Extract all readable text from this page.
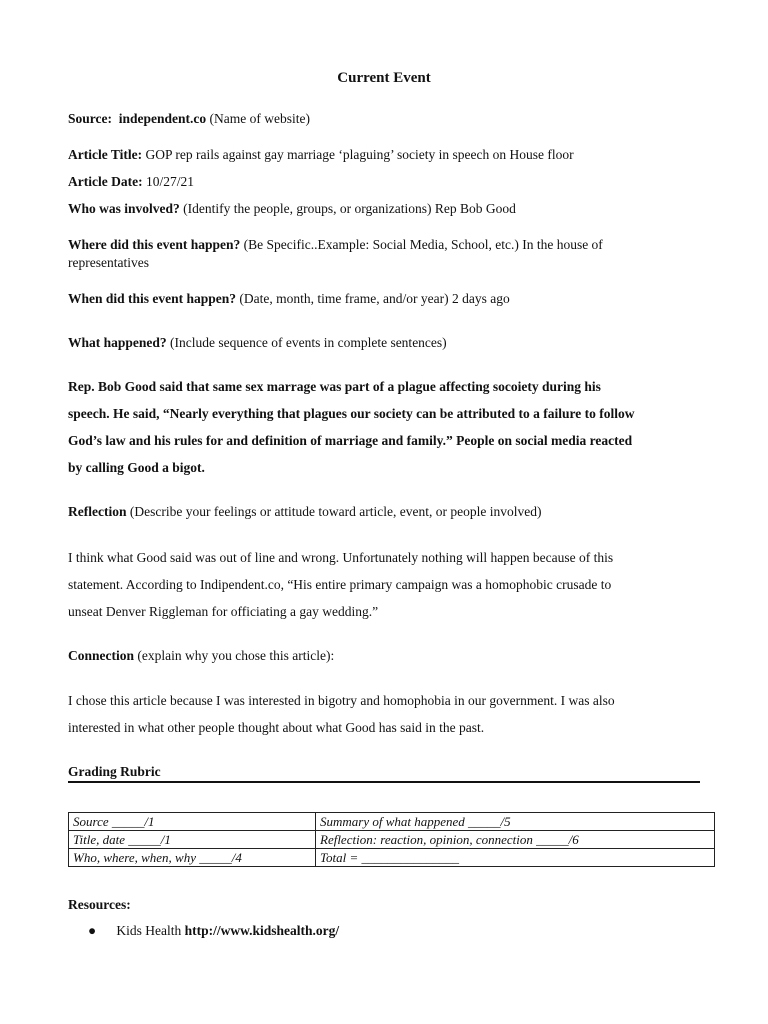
Current Event
Source: independent.co (Name of website)
Article Title: GOP rep rails against gay marriage ‘plaguing’ society in speech on House floor
Article Date: 10/27/21
Who was involved? (Identify the people, groups, or organizations) Rep Bob Good
Where did this event happen? (Be Specific..Example: Social Media, School, etc.) In the house of
representatives
When did this event happen? (Date, month, time frame, and/or year) 2 days ago
What happened? (Include sequence of events in complete sentences)
Rep. Bob Good said that same sex marrage was part of a plague affecting socoiety during his
speech. He said, “Nearly everything that plagues our society can be attributed to a failure to follow
God’s law and his rules for and definition of marriage and family.” People on social media reacted
by calling Good a bigot.
Reflection (Describe your feelings or attitude toward article, event, or people involved)
I think what Good said was out of line and wrong. Unfortunately nothing will happen because of this
statement. According to Indipendent.co, “His entire primary campaign was a homophobic crusade to
unseat Denver Riggleman for officiating a gay wedding.”
Connection (explain why you chose this article):
I chose this article because I was interested in bigotry and homophobia in our government. I was also
interested in what other people thought about what Good has said in the past.
Grading Rubric
Source _____/1	Summary of what happened _____/5
Title, date _____/1	Reflection: reaction, opinion, connection _____/6
Who, where, when, why _____/4	Total = _______________
Resources:
● Kids Health http://www.kidshealth.org/
